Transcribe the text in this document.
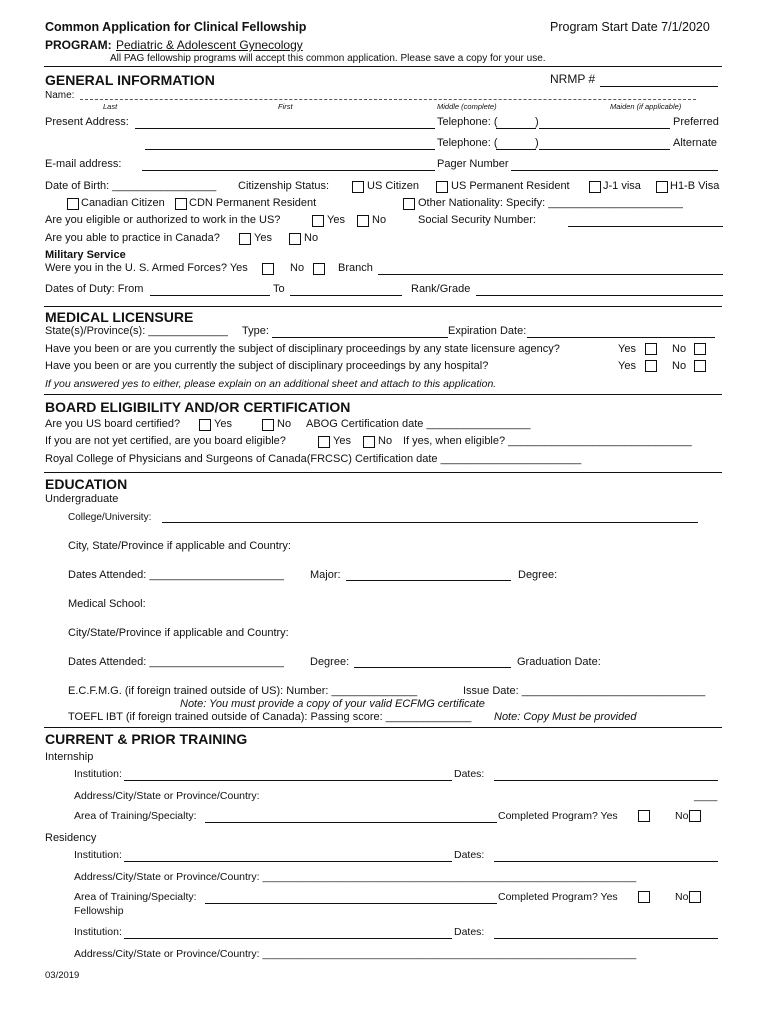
Common Application for Clinical Fellowship	Program Start Date 7/1/2020
PROGRAM: Pediatric & Adolescent Gynecology
All PAG fellowship programs will accept this common application. Please save a copy for your use.
GENERAL INFORMATION	NRMP #
Name:
Last	First	Middle (complete)	Maiden (if applicable)
Present Address:	Telephone: (	)	Preferred
Telephone: (	)	Alternate
E-mail address:	Pager Number
Date of Birth: _________________ Citizenship Status:	US Citizen	US Permanent Resident	J-1 visa	H1-B Visa
Canadian Citizen CDN Permanent Resident	Other Nationality: Specify: ______________________
Are you eligible or authorized to work in the US?	Yes No	Social Security Number:
Are you able to practice in Canada?	Yes	No
Military Service
Were you in the U. S. Armed Forces? Yes	No	Branch
Dates of Duty: From	To	Rank/Grade
MEDICAL LICENSURE
State(s)/Province(s): _____________ Type:	Expiration Date:
Have you been or are you currently the subject of disciplinary proceedings by any state licensure agency?	Yes	No
Have you been or are you currently the subject of disciplinary proceedings by any hospital?	Yes	No
If you answered yes to either, please explain on an additional sheet and attach to this application.
BOARD ELIGIBILITY AND/OR CERTIFICATION
Are you US board certified?	Yes	No ABOG Certification date _________________
If you are not yet certified, are you board eligible?	Yes No If yes, when eligible? ______________________________
Royal College of Physicians and Surgeons of Canada(FRCSC) Certification date _______________________
EDUCATION
Undergraduate
College/University:
City, State/Province if applicable and Country:
Dates Attended: ______________________ Major:	Degree:
Medical School:
City/State/Province if applicable and Country:
Dates Attended: ______________________ Degree:	Graduation Date:
E.C.F.M.G. (if foreign trained outside of US): Number: ______________	Issue Date: ______________________________
Note: You must provide a copy of your valid ECFMG certificate
TOEFL IBT (if foreign trained outside of Canada): Passing score: ______________ Note: Copy Must be provided
CURRENT & PRIOR TRAINING
Internship
Institution:	Dates:
Address/City/State or Province/Country:	____
Area of Training/Specialty:	Completed Program? Yes	No
Residency
Institution:	Dates:
Address/City/State or Province/Country: ________________________________________________________________
Area of Training/Specialty:	Completed Program? Yes	No
Fellowship
Institution:	Dates:
Address/City/State or Province/Country: ________________________________________________________________
03/2019
